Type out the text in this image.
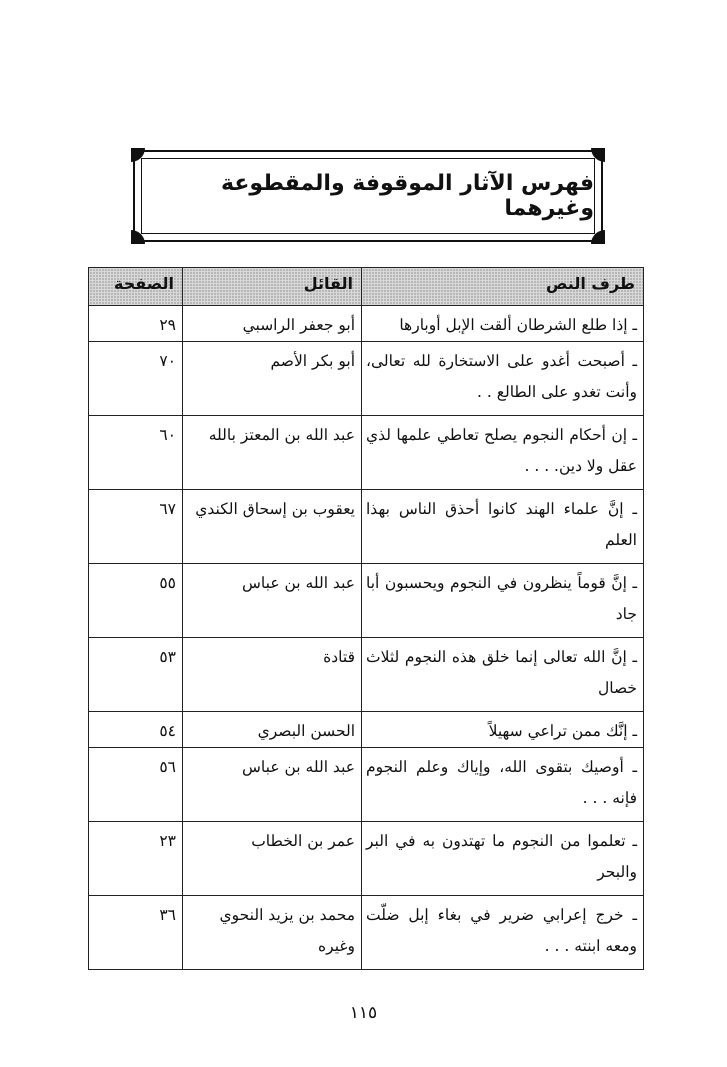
فهرس الآثار الموقوفة والمقطوعة وغيرهما
طرف النص	القائل	الصفحة
ـ إذا طلع الشرطان ألقت الإبل أوبارها	أبو جعفر الراسبي	٢٩
ـ أصبحت أغدو على الاستخارة لله تعالى، وأنت تغدو على الطالع . .	أبو بكر الأصم	٧٠
ـ إن أحكام النجوم يصلح تعاطي علمها لذي عقل ولا دين. . . .	عبد الله بن المعتز بالله	٦٠
ـ إنَّ علماء الهند كانوا أحذق الناس بهذا العلم	يعقوب بن إسحاق الكندي	٦٧
ـ إنَّ قوماً ينظرون في النجوم ويحسبون أبا جاد	عبد الله بن عباس	٥٥
ـ إنَّ الله تعالى إنما خلق هذه النجوم لثلاث خصال	قتادة	٥٣
ـ إنَّك ممن تراعي سهيلاً	الحسن البصري	٥٤
ـ أوصيك بتقوى الله، وإياك وعلم النجوم فإنه . . .	عبد الله بن عباس	٥٦
ـ تعلموا من النجوم ما تهتدون به في البر والبحر	عمر بن الخطاب	٢٣
ـ خرج إعرابي ضرير في بغاء إبل ضلّت ومعه ابنته . . .	محمد بن يزيد النحوي وغيره	٣٦
١١٥
